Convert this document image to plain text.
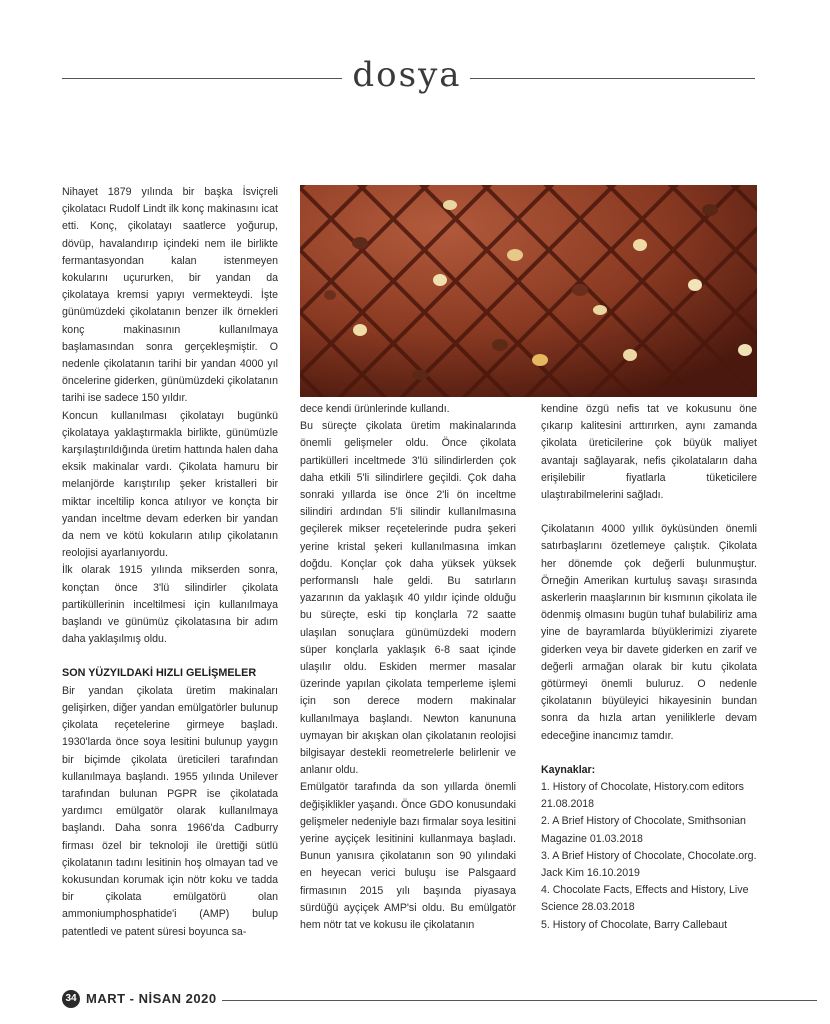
dosya

Nihayet 1879 yılında bir başka İsviçreli çikolatacı Rudolf Lindt ilk konç makinasını icat etti. Konç, çikolatayı saatlerce yoğurup, dövüp, havalandırıp içindeki nem ile birlikte fermantasyondan kalan istenmeyen kokularını uçururken, bir yandan da çikolataya kremsi yapıyı vermekteydi. İşte günümüzdeki çikolatanın benzer ilk örnekleri konç makinasının kullanılmaya başlamasından sonra gerçekleşmiştir. O nedenle çikolatanın tarihi bir yandan 4000 yıl öncelerine giderken, günümüzdeki çikolatanın tarihi ise sadece 150 yıldır.

Koncun kullanılması çikolatayı bugünkü çikolataya yaklaştırmakla birlikte, günümüzle karşılaştırıldığında üretim hattında halen daha eksik makinalar vardı. Çikolata hamuru bir melanjörde karıştırılıp şeker kristalleri bir miktar inceltilip konca atılıyor ve konçta bir yandan inceltme devam ederken bir yandan da nem ve kötü kokuların atılıp çikolatanın reolojisi ayarlanıyordu.

İlk olarak 1915 yılında mikserden sonra, konçtan önce 3'lü silindirler çikolata partiküllerinin inceltilmesi için kullanılmaya başlandı ve günümüz çikolatasına bir adım daha yaklaşılmış oldu.

SON YÜZYILDAKİ HIZLI GELİŞMELER

Bir yandan çikolata üretim makinaları gelişirken, diğer yandan emülgatörler bulunup çikolata reçetelerine girmeye başladı. 1930'larda önce soya lesitini bulunup yaygın bir biçimde çikolata üreticileri tarafından kullanılmaya başlandı. 1955 yılında Unilever tarafından bulunan PGPR ise çikolatada yardımcı emülgatör olarak kullanılmaya başlandı. Daha sonra 1966'da Cadburry firması özel bir teknoloji ile ürettiği sütlü çikolatanın tadını lesitinin hoş olmayan tad ve kokusundan korumak için nötr koku ve tadda bir çikolata emülgatörü olan ammoniumphosphatide'i (AMP) bulup patentledi ve patent süresi boyunca sa-

dece kendi ürünlerinde kullandı.

Bu süreçte çikolata üretim makinalarında önemli gelişmeler oldu. Önce çikolata partikülleri inceltmede 3'lü silindirlerden çok daha etkili 5'li silindirlere geçildi. Çok daha sonraki yıllarda ise önce 2'li ön inceltme silindiri ardından 5'li silindir kullanılmasına geçilerek mikser reçetelerinde pudra şekeri yerine kristal şekeri kullanılmasına imkan doğdu. Konçlar çok daha yüksek yüksek performanslı hale geldi. Bu satırların yazarının da yaklaşık 40 yıldır içinde olduğu bu süreçte, eski tip konçlarla 72 saatte ulaşılan sonuçlara günümüzdeki modern süper konçlarla yaklaşık 6-8 saat içinde ulaşılır oldu. Eskiden mermer masalar üzerinde yapılan çikolata temperleme işlemi için son derece modern makinalar kullanılmaya başlandı. Newton kanununa uymayan bir akışkan olan çikolatanın reolojisi bilgisayar destekli reometrelerle belirlenir ve anlanır oldu.

Emülgatör tarafında da son yıllarda önemli değişiklikler yaşandı. Önce GDO konusundaki gelişmeler nedeniyle bazı firmalar soya lesitini yerine ayçiçek lesitinini kullanmaya başladı. Bunun yanısıra çikolatanın son 90 yılındaki en heyecan verici buluşu ise Palsgaard firmasının 2015 yılı başında piyasaya sürdüğü ayçiçek AMP'si oldu. Bu emülgatör hem nötr tat ve kokusu ile çikolatanın

kendine özgü nefis tat ve kokusunu öne çıkarıp kalitesini arttırırken, aynı zamanda çikolata üreticilerine çok büyük maliyet avantajı sağlayarak, nefis çikolataların daha erişilebilir fiyatlarla tüketicilere ulaştırabilmelerini sağladı.

Çikolatanın 4000 yıllık öyküsünden önemli satırbaşlarını özetlemeye çalıştık. Çikolata her dönemde çok değerli bulunmuştur. Örneğin Amerikan kurtuluş savaşı sırasında askerlerin maaşlarının bir kısmının çikolata ile ödenmiş olmasını bugün tuhaf bulabiliriz ama yine de bayramlarda büyüklerimizi ziyarete giderken veya bir davete giderken en zarif ve değerli armağan olarak bir kutu çikolata götürmeyi önemli buluruz. O nedenle çikolatanın büyüleyici hikayesinin bundan sonra da hızla artan yeniliklerle devam edeceğine inancımız tamdır.

Kaynaklar:

1. History of Chocolate, History.com editors 21.08.2018
2. A Brief History of Chocolate, Smithsonian Magazine 01.03.2018
3. A Brief History of Chocolate, Chocolate.org. Jack Kim 16.10.2019
4. Chocolate Facts, Effects and History, Live Science 28.03.2018
5. History of Chocolate, Barry Callebaut
34 MART - NİSAN 2020
